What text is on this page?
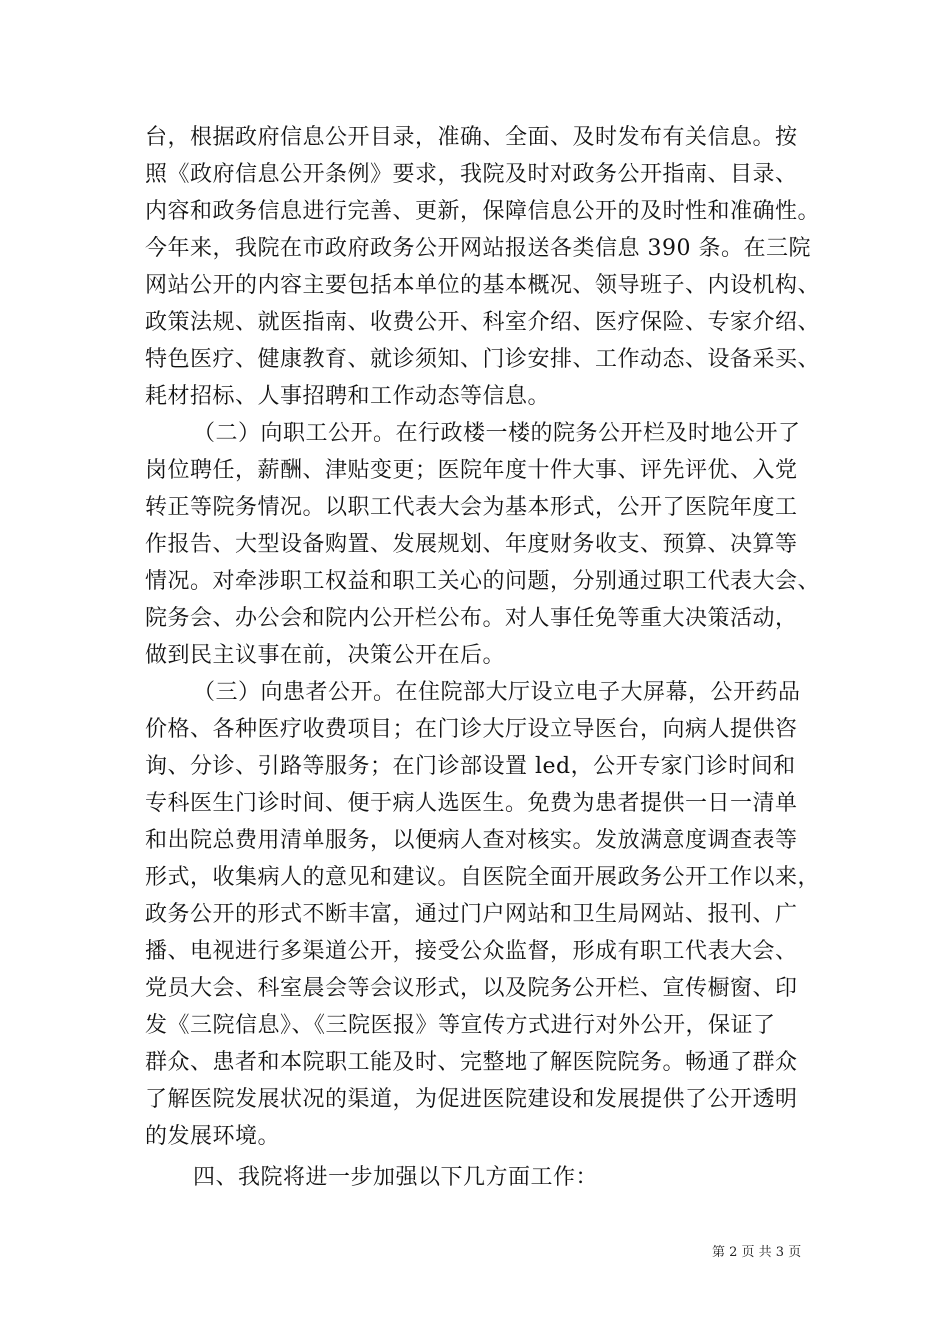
台，根据政府信息公开目录，准确、全面、及时发布有关信息。按
照《政府信息公开条例》要求，我院及时对政务公开指南、目录、
内容和政务信息进行完善、更新，保障信息公开的及时性和准确性。
今年来，我院在市政府政务公开网站报送各类信息 390 条。在三院
网站公开的内容主要包括本单位的基本概况、领导班子、内设机构、
政策法规、就医指南、收费公开、科室介绍、医疗保险、专家介绍、
特色医疗、健康教育、就诊须知、门诊安排、工作动态、设备采买、
耗材招标、人事招聘和工作动态等信息。
（二）向职工公开。在行政楼一楼的院务公开栏及时地公开了
岗位聘任，薪酬、津贴变更；医院年度十件大事、评先评优、入党
转正等院务情况。以职工代表大会为基本形式，公开了医院年度工
作报告、大型设备购置、发展规划、年度财务收支、预算、决算等
情况。对牵涉职工权益和职工关心的问题，分别通过职工代表大会、
院务会、办公会和院内公开栏公布。对人事任免等重大决策活动，
做到民主议事在前，决策公开在后。
（三）向患者公开。在住院部大厅设立电子大屏幕，公开药品
价格、各种医疗收费项目；在门诊大厅设立导医台，向病人提供咨
询、分诊、引路等服务；在门诊部设置 led，公开专家门诊时间和
专科医生门诊时间、便于病人选医生。免费为患者提供一日一清单
和出院总费用清单服务，以便病人查对核实。发放满意度调查表等
形式，收集病人的意见和建议。自医院全面开展政务公开工作以来，
政务公开的形式不断丰富，通过门户网站和卫生局网站、报刊、广
播、电视进行多渠道公开，接受公众监督，形成有职工代表大会、
党员大会、科室晨会等会议形式，以及院务公开栏、宣传橱窗、印
发《三院信息》、《三院医报》等宣传方式进行对外公开，保证了
群众、患者和本院职工能及时、完整地了解医院院务。畅通了群众
了解医院发展状况的渠道，为促进医院建设和发展提供了公开透明
的发展环境。
四、我院将进一步加强以下几方面工作：
第 2 页 共 3 页
